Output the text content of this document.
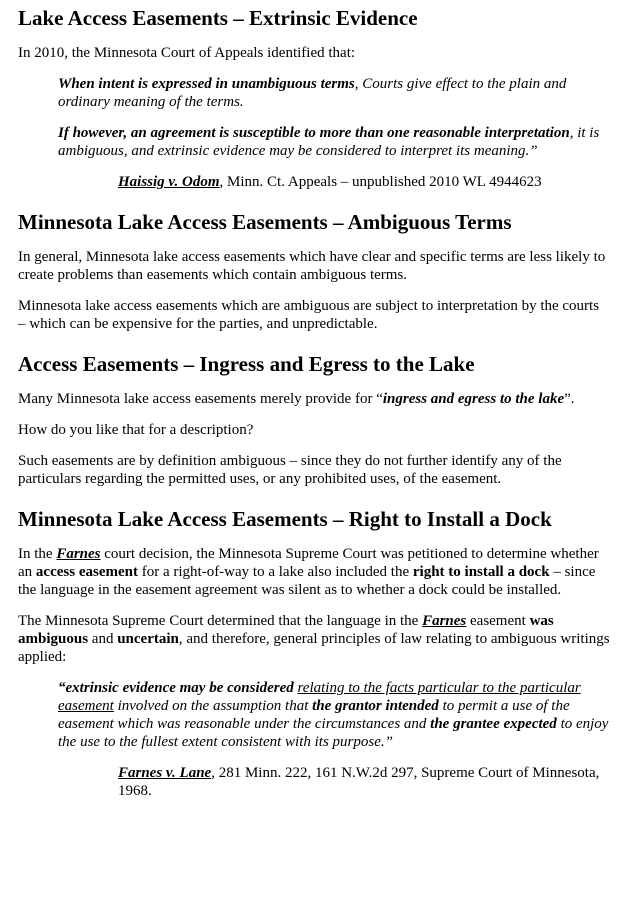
Lake Access Easements – Extrinsic Evidence

In 2010, the Minnesota Court of Appeals identified that:

When intent is expressed in unambiguous terms, Courts give effect to the plain and ordinary meaning of the terms.

If however, an agreement is susceptible to more than one reasonable interpretation, it is ambiguous, and extrinsic evidence may be considered to interpret its meaning.”

Haissig v. Odom, Minn. Ct. Appeals – unpublished 2010 WL 4944623

Minnesota Lake Access Easements – Ambiguous Terms

In general, Minnesota lake access easements which have clear and specific terms are less likely to create problems than easements which contain ambiguous terms.

Minnesota lake access easements which are ambiguous are subject to interpretation by the courts – which can be expensive for the parties, and unpredictable.

Access Easements – Ingress and Egress to the Lake

Many Minnesota lake access easements merely provide for “ingress and egress to the lake”.

How do you like that for a description?

Such easements are by definition ambiguous – since they do not further identify any of the particulars regarding the permitted uses, or any prohibited uses, of the easement.

Minnesota Lake Access Easements – Right to Install a Dock

In the Farnes court decision, the Minnesota Supreme Court was petitioned to determine whether an access easement for a right-of-way to a lake also included the right to install a dock – since the language in the easement agreement was silent as to whether a dock could be installed.

The Minnesota Supreme Court determined that the language in the Farnes easement was ambiguous and uncertain, and therefore, general principles of law relating to ambiguous writings applied:

“extrinsic evidence may be considered relating to the facts particular to the particular easement involved on the assumption that the grantor intended to permit a use of the easement which was reasonable under the circumstances and the grantee expected to enjoy the use to the fullest extent consistent with its purpose.”

Farnes v. Lane, 281 Minn. 222, 161 N.W.2d 297, Supreme Court of Minnesota, 1968.
